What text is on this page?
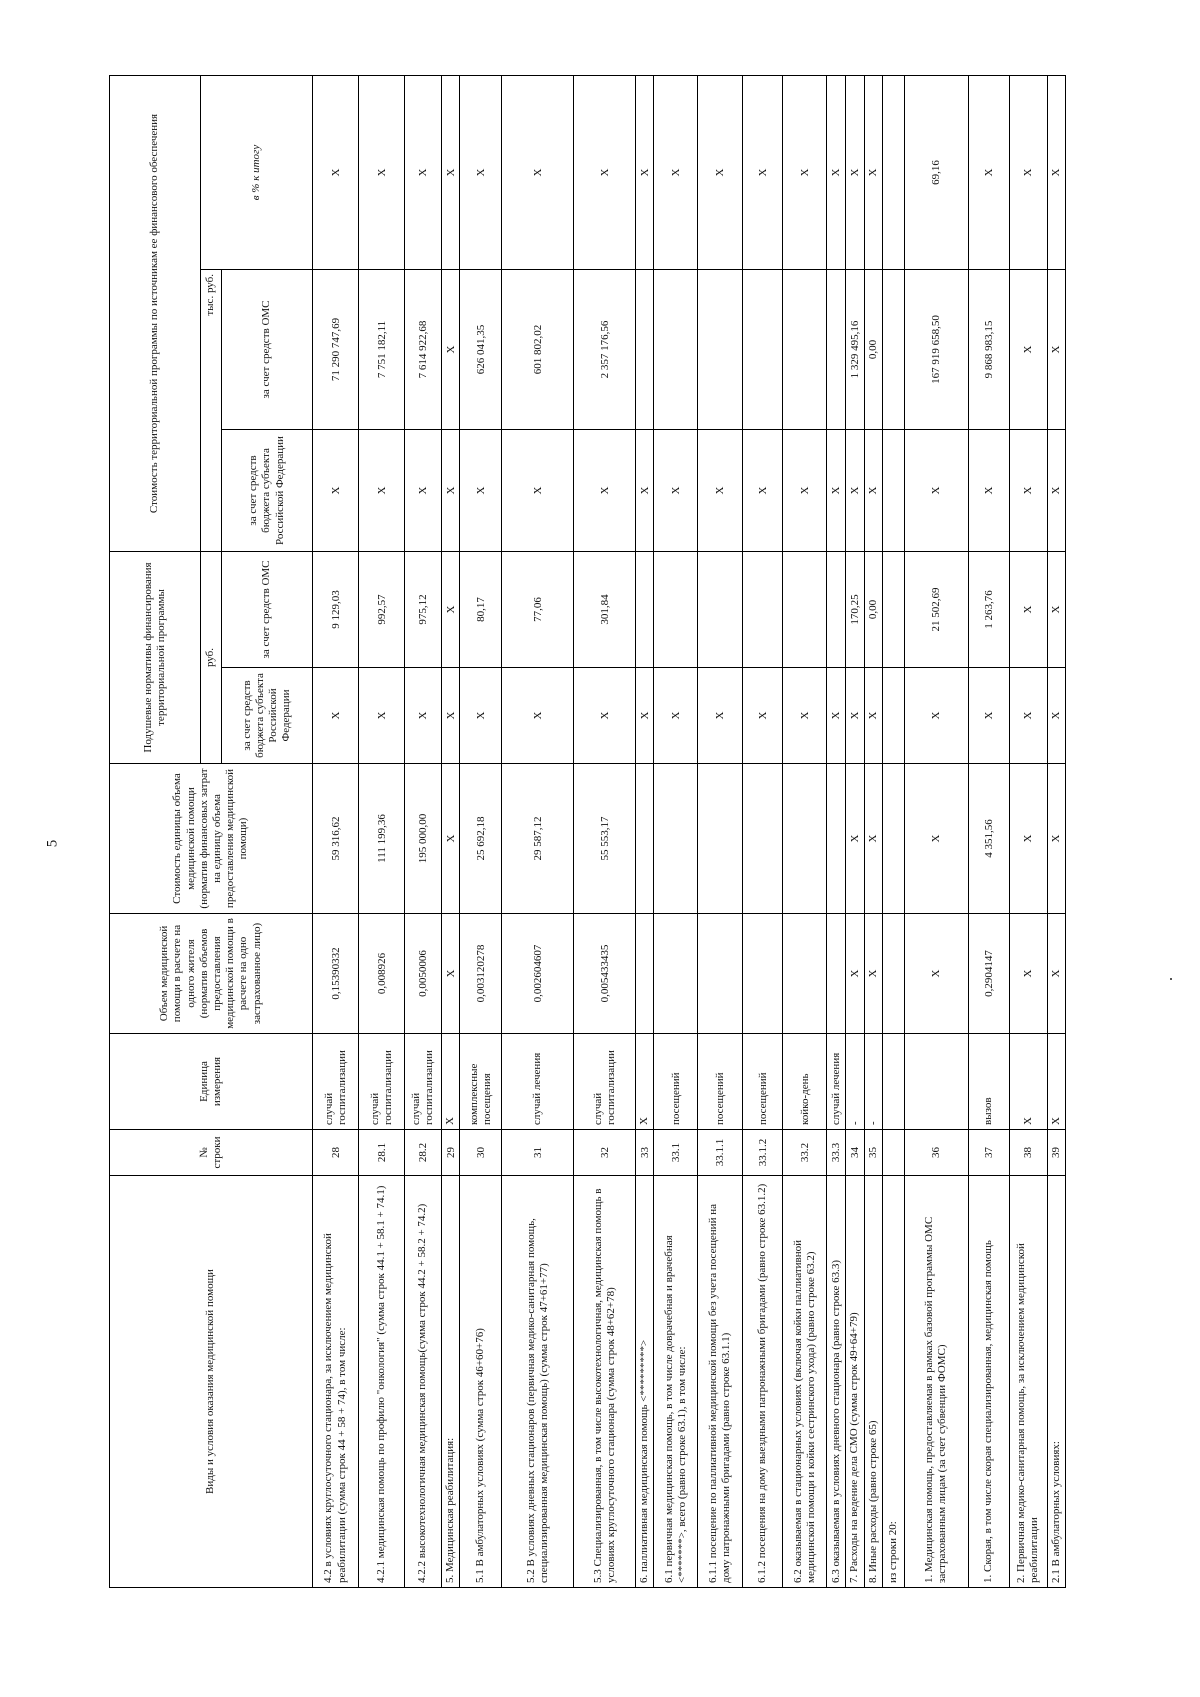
5
Виды и условия оказания медицинской помощи	№ строки	Единица измерения	Объем медицинской помощи в расчете на одного жителя (норматив объемов предоставления медицинской помощи в расчете на одно застрахованное лицо)	Стоимость единицы объема медицинской помощи (норматив финансовых затрат на единицу объема предоставления медицинской помощи)	Подушевые нормативы финансирования территориальной программы		Стоимость территориальной программы по источникам ее финансового обеспечения		
					руб.		тыс. руб.		в % к итогу
					за счет средств бюджета субъекта Российской Федерации	за счет средств ОМС	за счет средств бюджета субъекта Российской Федерации	за счет средств ОМС	
4.2 в условиях круглосуточного стационара, за исключением медицинской реабилитации (сумма строк 44 + 58 + 74), в том числе:	28	случай госпитализации	0,15390332	59 316,62	Х	9 129,03	Х	71 290 747,69	Х
4.2.1 медицинская помощь по профилю "онкология" (сумма строк 44.1 + 58.1 + 74.1)	28.1	случай госпитализации	0,008926	111 199,36	Х	992,57	Х	7 751 182,11	Х
4.2.2 высокотехнологичная медицинская помощь(сумма строк 44.2 + 58.2 + 74.2)	28.2	случай госпитализации	0,0050006	195 000,00	Х	975,12	Х	7 614 922,68	Х
5. Медицинская реабилитация:	29	Х	Х	Х	Х	Х	Х	Х	Х
5.1 В амбулаторных условиях (сумма строк 46+60+76)	30	комплексные посещения	0,003120278	25 692,18	Х	80,17	Х	626 041,35	Х
5.2 В условиях дневных стационаров (первичная медико-санитарная помощь, специализированная медицинская помощь) (сумма строк 47+61+77)	31	случай лечения	0,002604607	29 587,12	Х	77,06	Х	601 802,02	Х
5.3 Специализированная, в том числе высокотехнологичная, медицинская помощь в условиях круглосуточного стационара (сумма строк 48+62+78)	32	случай госпитализации	0,005433435	55 553,17	Х	301,84	Х	2 357 176,56	Х
6. паллиативная медицинская помощь <*********>	33	Х			Х		Х		Х
6.1 первичная медицинская помощь, в том числе доврачебная и врачебная <*******>, всего (равно строке 63.1), в том числе:	33.1	посещений			Х		Х		Х
6.1.1 посещение по паллиативной медицинской помощи без учета посещений на дому патронажными бригадами (равно строке 63.1.1)	33.1.1	посещений			Х		Х		Х
6.1.2 посещения на дому выездными патронажными бригадами (равно строке 63.1.2)	33.1.2	посещений			Х		Х		Х
6.2 оказываемая в стационарных условиях (включая койки паллиативной медицинской помощи и койки сестринского ухода) (равно строке 63.2)	33.2	койко-день			Х		Х		Х
6.3 оказываемая в условиях дневного стационара (равно строке 63.3)	33.3	случай лечения			Х		Х		Х
7. Расходы на ведение дела СМО (сумма строк 49+64+79)	34	-	Х	Х	Х	170,25	Х	1 329 495,16	Х
8. Иные расходы (равно строке 65)	35	-	Х	Х	Х	0,00	Х	0,00	Х
из строки 20:									
1. Медицинская помощь, предоставляемая в рамках базовой программы ОМС застрахованным лицам (за счет субвенции ФОМС)	36		Х	Х	Х	21 502,69	Х	167 919 658,50	69,16
1. Скорая, в том числе скорая специализированная, медицинская помощь	37	вызов	0,2904147	4 351,56	Х	1 263,76	Х	9 868 983,15	Х
2. Первичная медико-санитарная помощь, за исключением медицинской реабилитации	38	Х	Х	Х	Х	Х	Х	Х	Х
2.1 В амбулаторных условиях:	39	Х	Х	Х	Х	Х	Х	Х	Х
